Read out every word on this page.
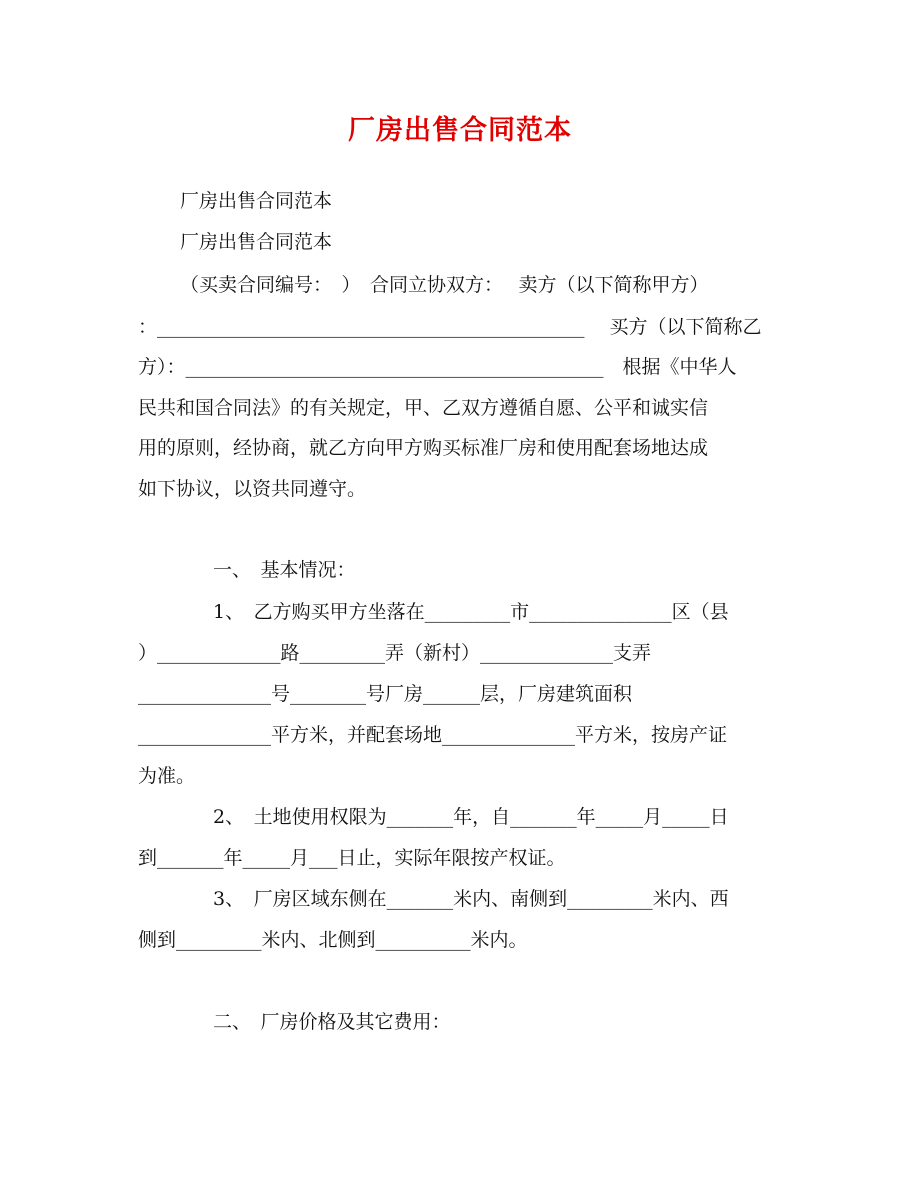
厂房出售合同范本
厂房出售合同范本
厂房出售合同范本
（买卖合同编号：　）　合同立协双方：　 卖方（以下简称甲方）
：_____________________________________________　 买方（以下简称乙
方）：____________________________________________　根据《中华人
民共和国合同法》的有关规定，甲、乙双方遵循自愿、公平和诚实信
用的原则，经协商，就乙方向甲方购买标准厂房和使用配套场地达成
如下协议，以资共同遵守。
一、　基本情况：
1、　乙方购买甲方坐落在_________市_______________区（县
）_____________路_________弄（新村）______________支弄
______________号________号厂房______层，厂房建筑面积
______________平方米，并配套场地______________平方米，按房产证
为准。
2、　土地使用权限为_______年，自_______年_____月_____日
到_______年_____月___日止，实际年限按产权证。
3、　厂房区域东侧在_______米内、南侧到_________米内、西
侧到_________米内、北侧到__________米内。
二、　厂房价格及其它费用：
